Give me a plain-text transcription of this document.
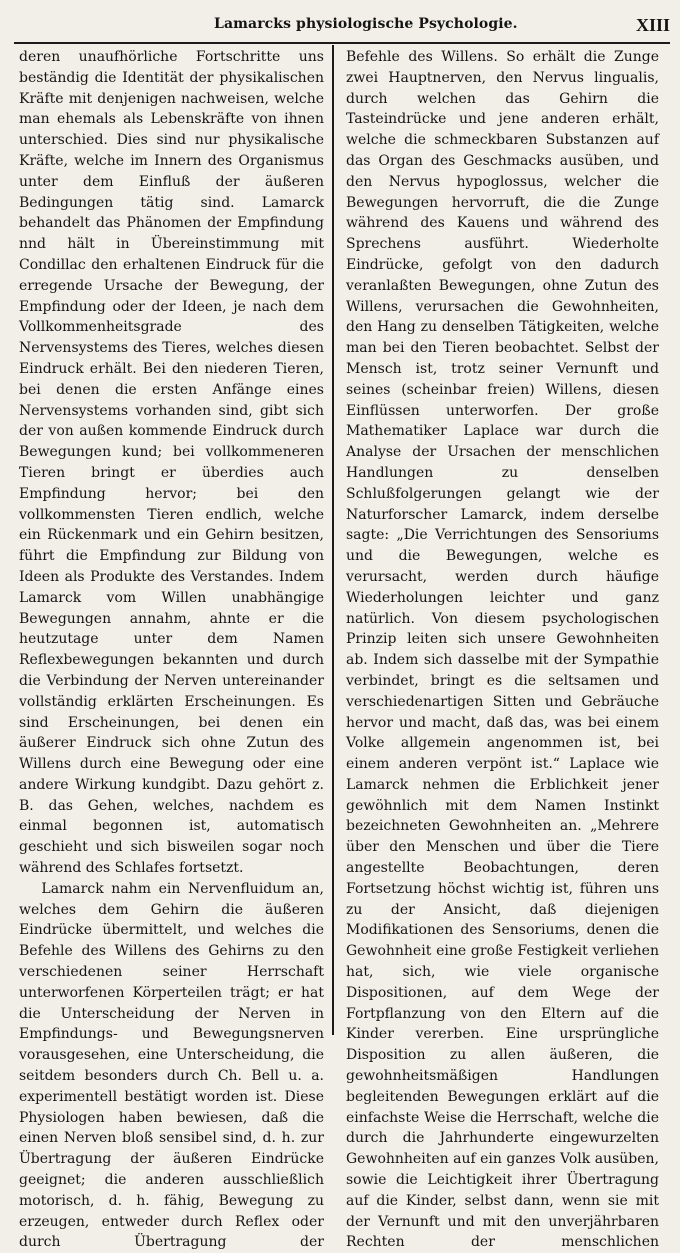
Lamarcks physiologische Psychologie.	XIII

deren unaufhörliche Fortschritte uns beständig die Identität der physikalischen Kräfte mit denjenigen nachweisen, welche man ehemals als Lebenskräfte von ihnen unterschied. Dies sind nur physikalische Kräfte, welche im Innern des Organismus unter dem Einfluß der äußeren Bedingungen tätig sind. Lamarck behandelt das Phänomen der Empfindung nnd hält in Übereinstimmung mit Condillac den erhaltenen Eindruck für die erregende Ursache der Bewegung, der Empfindung oder der Ideen, je nach dem Vollkommenheitsgrade des Nervensystems des Tieres, welches diesen Eindruck erhält. Bei den niederen Tieren, bei denen die ersten Anfänge eines Nervensystems vorhanden sind, gibt sich der von außen kommende Eindruck durch Bewegungen kund; bei vollkommeneren Tieren bringt er überdies auch Empfindung hervor; bei den vollkommensten Tieren endlich, welche ein Rückenmark und ein Gehirn besitzen, führt die Empfindung zur Bildung von Ideen als Produkte des Verstandes. Indem Lamarck vom Willen unabhängige Bewegungen annahm, ahnte er die heutzutage unter dem Namen Reflexbewegungen bekannten und durch die Verbindung der Nerven untereinander vollständig erklärten Erscheinungen. Es sind Erscheinungen, bei denen ein äußerer Eindruck sich ohne Zutun des Willens durch eine Bewegung oder eine andere Wirkung kundgibt. Dazu gehört z. B. das Gehen, welches, nachdem es einmal begonnen ist, automatisch geschieht und sich bisweilen sogar noch während des Schlafes fortsetzt.

Lamarck nahm ein Nervenfluidum an, welches dem Gehirn die äußeren Eindrücke übermittelt, und welches die Befehle des Willens des Gehirns zu den verschiedenen seiner Herrschaft unterworfenen Körperteilen trägt; er hat die Unterscheidung der Nerven in Empfindungs- und Bewegungsnerven vorausgesehen, eine Unterscheidung, die seitdem besonders durch Ch. Bell u. a. experimentell bestätigt worden ist. Diese Physiologen haben bewiesen, daß die einen Nerven bloß sensibel sind, d. h. zur Übertragung der äußeren Eindrücke geeignet; die anderen ausschließlich motorisch, d. h. fähig, Bewegung zu erzeugen, entweder durch Reflex oder durch Übertragung der

Befehle des Willens. So erhält die Zunge zwei Hauptnerven, den Nervus lingualis, durch welchen das Gehirn die Tasteindrücke und jene anderen erhält, welche die schmeckbaren Substanzen auf das Organ des Geschmacks ausüben, und den Nervus hypoglossus, welcher die Bewegungen hervorruft, die die Zunge während des Kauens und während des Sprechens ausführt. Wiederholte Eindrücke, gefolgt von den dadurch veranlaßten Bewegungen, ohne Zutun des Willens, verursachen die Gewohnheiten, den Hang zu denselben Tätigkeiten, welche man bei den Tieren beobachtet. Selbst der Mensch ist, trotz seiner Vernunft und seines (scheinbar freien) Willens, diesen Einflüssen unterworfen. Der große Mathematiker Laplace war durch die Analyse der Ursachen der menschlichen Handlungen zu denselben Schlußfolgerungen gelangt wie der Naturforscher Lamarck, indem derselbe sagte: „Die Verrichtungen des Sensoriums und die Bewegungen, welche es verursacht, werden durch häufige Wiederholungen leichter und ganz natürlich. Von diesem psychologischen Prinzip leiten sich unsere Gewohnheiten ab. Indem sich dasselbe mit der Sympathie verbindet, bringt es die seltsamen und verschiedenartigen Sitten und Gebräuche hervor und macht, daß das, was bei einem Volke allgemein angenommen ist, bei einem anderen verpönt ist.“ Laplace wie Lamarck nehmen die Erblichkeit jener gewöhnlich mit dem Namen Instinkt bezeichneten Gewohnheiten an. „Mehrere über den Menschen und über die Tiere angestellte Beobachtungen, deren Fortsetzung höchst wichtig ist, führen uns zu der Ansicht, daß diejenigen Modifikationen des Sensoriums, denen die Gewohnheit eine große Festigkeit verliehen hat, sich, wie viele organische Dispositionen, auf dem Wege der Fortpflanzung von den Eltern auf die Kinder vererben. Eine ursprüngliche Disposition zu allen äußeren, die gewohnheitsmäßigen Handlungen begleitenden Bewegungen erklärt auf die einfachste Weise die Herrschaft, welche die durch die Jahrhunderte eingewurzelten Gewohnheiten auf ein ganzes Volk ausüben, sowie die Leichtigkeit ihrer Übertragung auf die Kinder, selbst dann, wenn sie mit der Vernunft und mit den unverjährbaren Rechten der menschlichen
